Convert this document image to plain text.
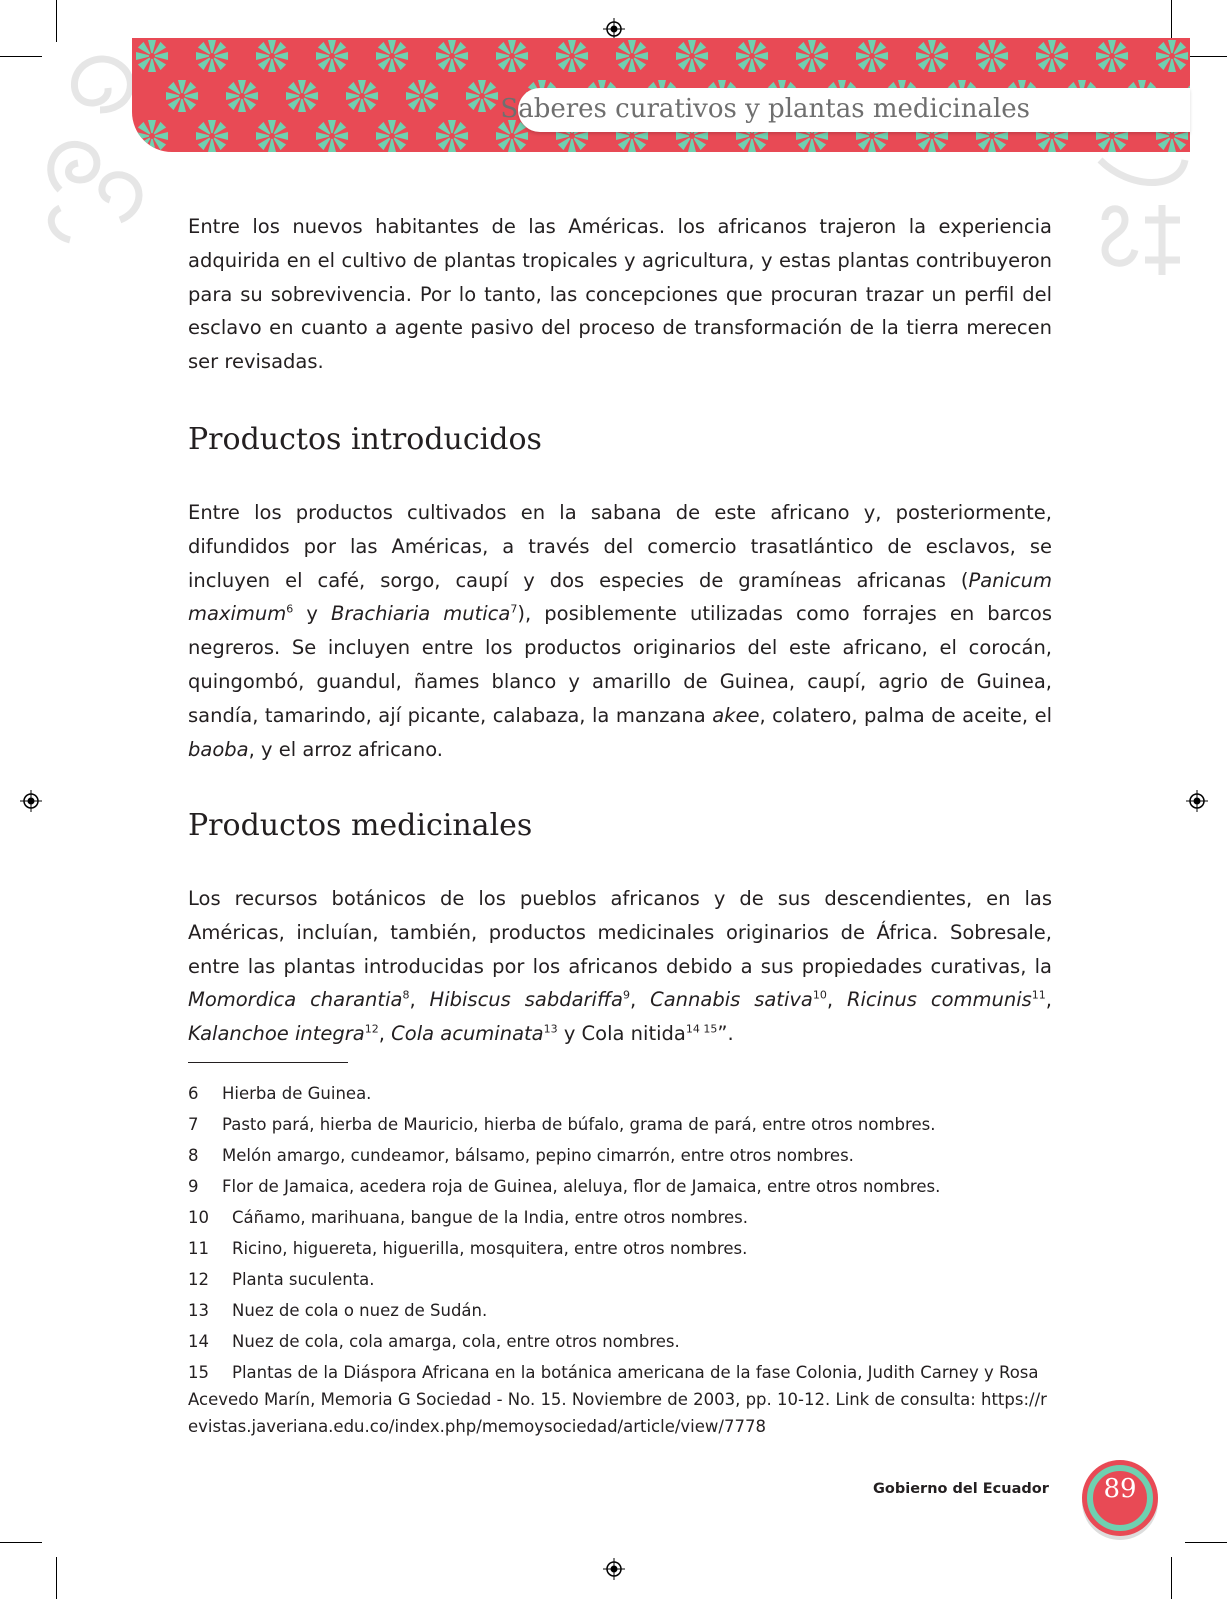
Saberes curativos y plantas medicinales

Entre los nuevos habitantes de las Américas. los africanos trajeron la experiencia adquirida en el cultivo de plantas tropicales y agricultura, y estas plantas contribuyeron para su sobrevivencia. Por lo tanto, las concepciones que procuran trazar un perfil del esclavo en cuanto a agente pasivo del proceso de transformación de la tierra merecen ser revisadas.

Productos introducidos

Entre los productos cultivados en la sabana de este africano y, posteriormente, difundidos por las Américas, a través del comercio trasatlántico de esclavos, se incluyen el café, sorgo, caupí y dos especies de gramíneas africanas (Panicum maximum$^6$ y Brachiaria mutica$^7$), posiblemente utilizadas como forrajes en barcos negreros. Se incluyen entre los productos originarios del este africano, el corocán, quingombó, guandul, ñames blanco y amarillo de Guinea, caupí, agrio de Guinea, sandía, tamarindo, ají picante, calabaza, la manzana akee, colatero, palma de aceite, el baoba, y el arroz africano.

Productos medicinales

Los recursos botánicos de los pueblos africanos y de sus descendientes, en las Américas, incluían, también, productos medicinales originarios de África. Sobresale, entre las plantas introducidas por los africanos debido a sus propiedades curativas, la Momordica charantia$^8$, Hibiscus sabdariffa$^9$, Cannabis sativa$^{10}$, Ricinus communis$^{11}$, Kalanchoe integra$^{12}$, Cola acuminata$^{13}$ y Cola nitida$^{14 15}$”.

6 Hierba de Guinea.
7 Pasto pará, hierba de Mauricio, hierba de búfalo, grama de pará, entre otros nombres.
8 Melón amargo, cundeamor, bálsamo, pepino cimarrón, entre otros nombres.
9 Flor de Jamaica, acedera roja de Guinea, aleluya, flor de Jamaica, entre otros nombres.
10 Cáñamo, marihuana, bangue de la India, entre otros nombres.
11 Ricino, higuereta, higuerilla, mosquitera, entre otros nombres.
12 Planta suculenta.
13 Nuez de cola o nuez de Sudán.
14 Nuez de cola, cola amarga, cola, entre otros nombres.
15 Plantas de la Diáspora Africana en la botánica americana de la fase Colonia, Judith Carney y Rosa Acevedo Marín, Memoria G Sociedad - No. 15. Noviembre de 2003, pp. 10-12. Link de consulta: https://revistas.javeriana.edu.co/index.php/memoysociedad/article/view/7778
Gobierno del Ecuador	89
